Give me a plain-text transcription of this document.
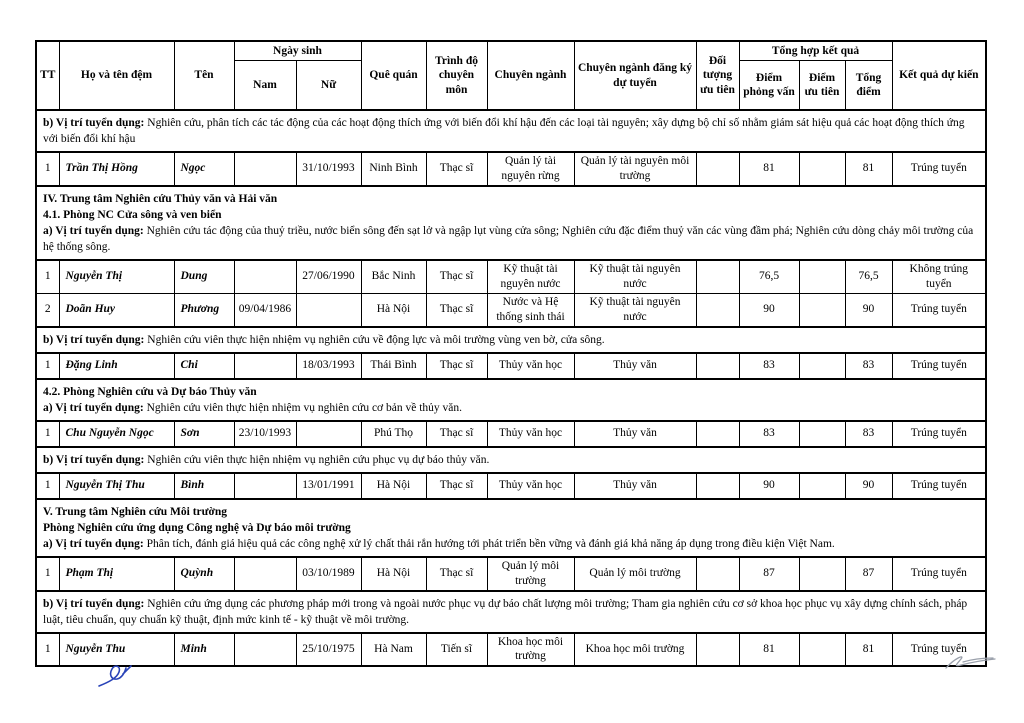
TT	Họ và tên đệm	Tên	Ngày sinh		Quê quán	Trình độ chuyên môn	Chuyên ngành	Chuyên ngành đăng ký dự tuyển	Đối tượng ưu tiên	Tổng hợp kết quả			Kết quả dự kiến
			Nam	Nữ						Điểm phỏng vấn	Điểm ưu tiên	Tổng điểm	

b) Vị trí tuyển dụng: Nghiên cứu, phân tích các tác động của các hoạt động thích ứng với biến đổi khí hậu đến các loại tài nguyên; xây dựng bộ chỉ số nhằm giám sát hiệu quả các hoạt động thích ứng với biến đổi khí hậu													

1	Trần Thị Hồng	Ngọc		31/10/1993	Ninh Bình	Thạc sĩ	Quản lý tài nguyên rừng	Quản lý tài nguyên môi trường		81		81	Trúng tuyển

IV. Trung tâm Nghiên cứu Thủy văn và Hải văn
4.1. Phòng NC Cửa sông và ven biển
a) Vị trí tuyển dụng: Nghiên cứu tác động của thuỷ triều, nước biển sông đến sạt lở và ngập lụt vùng cửa sông; Nghiên cứu đặc điểm thuỷ văn các vùng đầm phá; Nghiên cứu dòng chảy môi trường của hệ thống sông.													

1	Nguyễn Thị	Dung		27/06/1990	Bắc Ninh	Thạc sĩ	Kỹ thuật tài nguyên nước	Kỹ thuật tài nguyên nước		76,5		76,5	Không trúng tuyển
2	Doãn Huy	Phương	09/04/1986		Hà Nội	Thạc sĩ	Nước và Hệ thống sinh thái	Kỹ thuật tài nguyên nước		90		90	Trúng tuyển

b) Vị trí tuyển dụng: Nghiên cứu viên thực hiện nhiệm vụ nghiên cứu về động lực và môi trường vùng ven bờ, cửa sông.													

1	Đặng Linh	Chi		18/03/1993	Thái Bình	Thạc sĩ	Thủy văn học	Thủy văn		83		83	Trúng tuyển

4.2. Phòng Nghiên cứu và Dự báo Thủy văn
a) Vị trí tuyển dụng: Nghiên cứu viên thực hiện nhiệm vụ nghiên cứu cơ bản về thủy văn.													

1	Chu Nguyễn Ngọc	Sơn	23/10/1993		Phú Thọ	Thạc sĩ	Thủy văn học	Thủy văn		83		83	Trúng tuyển

b) Vị trí tuyển dụng: Nghiên cứu viên thực hiện nhiệm vụ nghiên cứu phục vụ dự báo thủy văn.													

1	Nguyễn Thị Thu	Bình		13/01/1991	Hà Nội	Thạc sĩ	Thủy văn học	Thủy văn		90		90	Trúng tuyển

V. Trung tâm Nghiên cứu Môi trường
Phòng Nghiên cứu ứng dụng Công nghệ và Dự báo môi trường
a) Vị trí tuyển dụng: Phân tích, đánh giá hiệu quả các công nghệ xử lý chất thải rắn hướng tới phát triển bền vững và đánh giá khả năng áp dụng trong điều kiện Việt Nam.													

1	Phạm Thị	Quỳnh		03/10/1989	Hà Nội	Thạc sĩ	Quản lý môi trường	Quản lý môi trường		87		87	Trúng tuyển

b) Vị trí tuyển dụng: Nghiên cứu ứng dụng các phương pháp mới trong và ngoài nước phục vụ dự báo chất lượng môi trường; Tham gia nghiên cứu cơ sở khoa học phục vụ xây dựng chính sách, pháp luật, tiêu chuẩn, quy chuẩn kỹ thuật, định mức kinh tế - kỹ thuật về môi trường.													

1	Nguyễn Thu	Minh		25/10/1975	Hà Nam	Tiến sĩ	Khoa học môi trường	Khoa học môi trường		81		81	Trúng tuyển
